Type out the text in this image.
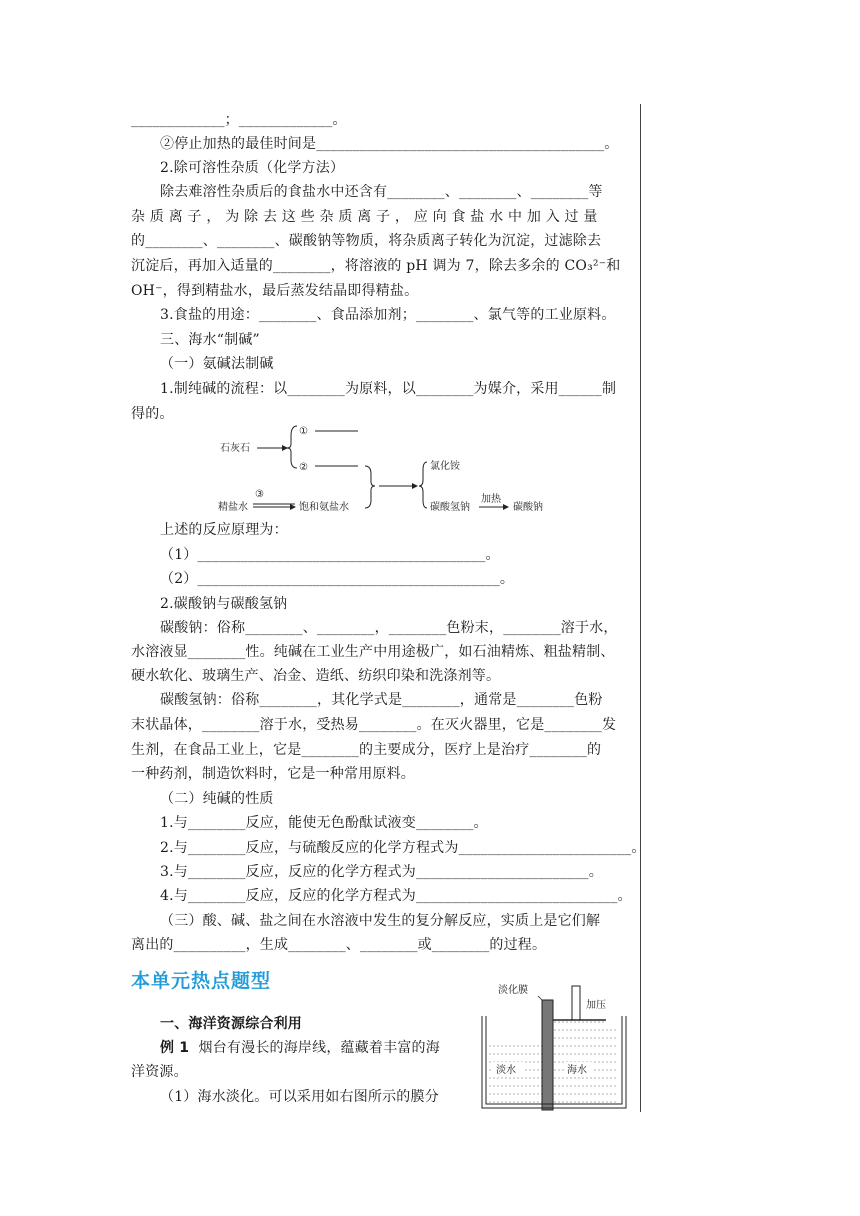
_____________；_____________。
②停止加热的最佳时间是________________________________________。
2.除可溶性杂质（化学方法）
除去难溶性杂质后的食盐水中还含有________、________、________等
杂 质 离 子 ， 为 除 去 这 些 杂 质 离 子 ， 应 向 食 盐 水 中 加 入 过 量
的________、________、碳酸钠等物质，将杂质离子转化为沉淀，过滤除去
沉淀后，再加入适量的________，将溶液的 pH 调为 7，除去多余的 CO₃²⁻和
OH⁻，得到精盐水，最后蒸发结晶即得精盐。
3.食盐的用途：________、食品添加剂；________、氯气等的工业原料。
三、海水“制碱”
（一）氨碱法制碱
1.制纯碱的流程：以________为原料，以________为媒介，采用______制
得的。
石灰石
①
②
精盐水
③
饱和氨盐水
氯化铵
碳酸氢钠
加热
碳酸钠
上述的反应原理为：
（1）________________________________________。
（2）__________________________________________。
2.碳酸钠与碳酸氢钠
碳酸钠：俗称________、________，________色粉末，________溶于水，
水溶液显________性。纯碱在工业生产中用途极广，如石油精炼、粗盐精制、
硬水软化、玻璃生产、冶金、造纸、纺织印染和洗涤剂等。
碳酸氢钠：俗称________，其化学式是________，通常是________色粉
末状晶体，________溶于水，受热易________。在灭火器里，它是________发
生剂，在食品工业上，它是________的主要成分，医疗上是治疗________的
一种药剂，制造饮料时，它是一种常用原料。
（二）纯碱的性质
1.与________反应，能使无色酚酞试液变________。
2.与________反应，与硫酸反应的化学方程式为________________________。
3.与________反应，反应的化学方程式为________________________。
4.与________反应，反应的化学方程式为____________________________。
（三）酸、碱、盐之间在水溶液中发生的复分解反应，实质上是它们解
离出的__________，生成________、________或________的过程。
本单元热点题型
一、海洋资源综合利用
例 1  烟台有漫长的海岸线，蕴藏着丰富的海
洋资源。
（1）海水淡化。可以采用如右图所示的膜分
淡化膜
加压
淡水	海水
